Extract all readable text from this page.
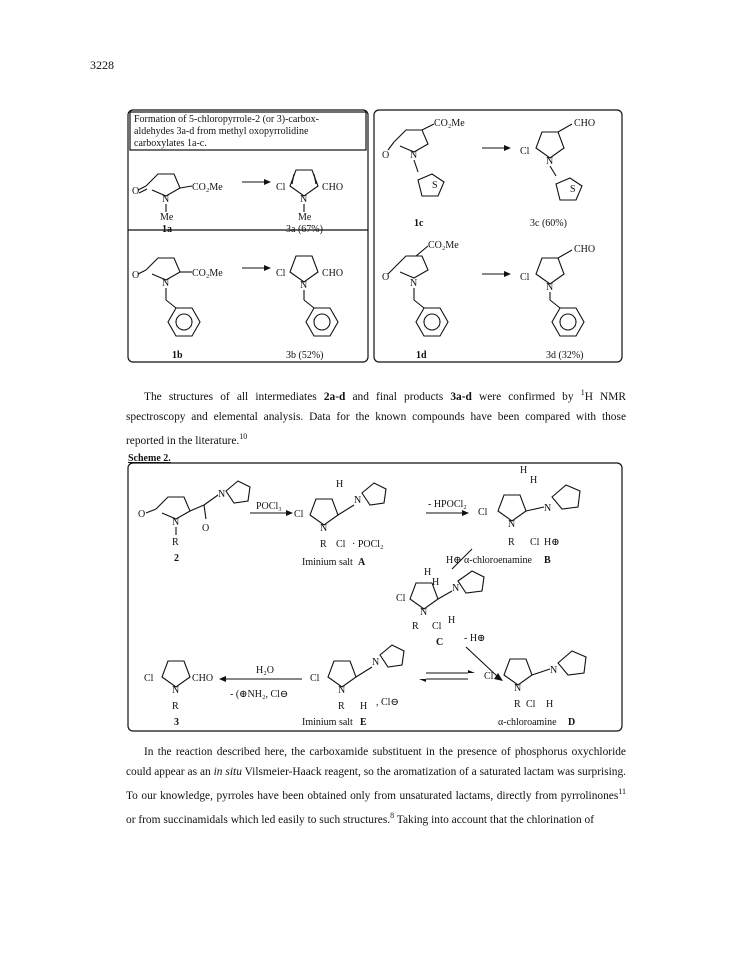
3228
Formation of 5-chloropyrrole-2 (or 3)-carbox-
aldehydes 3a-d from methyl oxopyrrolidine
carboxylates 1a-c.
O
N
CO₂Me
Me
1a
Cl
N
CHO
Me
3a (67%)
O
N
CO₂Me
1b
Cl
N
CHO
3b (52%)
CO₂Me
O N
S
1c
CHO
Cl
N
S
3c (60%)
CO₂Me
O
N
1d
CHO
Cl
N
3d (32%)

The structures of all intermediates 2a-d and final products 3a-d were confirmed by $^1$H NMR spectroscopy and elemental analysis. Data for the known compounds have been compared with those reported in the literature.$^{10}$

Scheme 2.
O
N
R
O
N
2
POCl₃
Cl
N
R
H
N
Cl · POCl₂
Iminium salt A
- HPOCl₂
Cl
N
R
H
H
N
Cl H⊕
H⊕ α-chloroenamine B
Cl
N
R
H
H
N
Cl
H
C - H⊕
Cl
N
R
N
Cl H
α-chloroamine D
Cl
N
R
N
H , Cl⊖
Iminium salt E
H₂O
- (⊕NH₂, Cl⊖
Cl
N
R
CHO
3

In the reaction described here, the carboxamide substituent in the presence of phosphorus oxychloride could appear as an in situ Vilsmeier-Haack reagent, so the aromatization of a saturated lactam was surprising. To our knowledge, pyrroles have been obtained only from unsaturated lactams, directly from pyrrolinones$^{11}$ or from succinamidals which led easily to such structures.$^8$ Taking into account that the chlorination of
